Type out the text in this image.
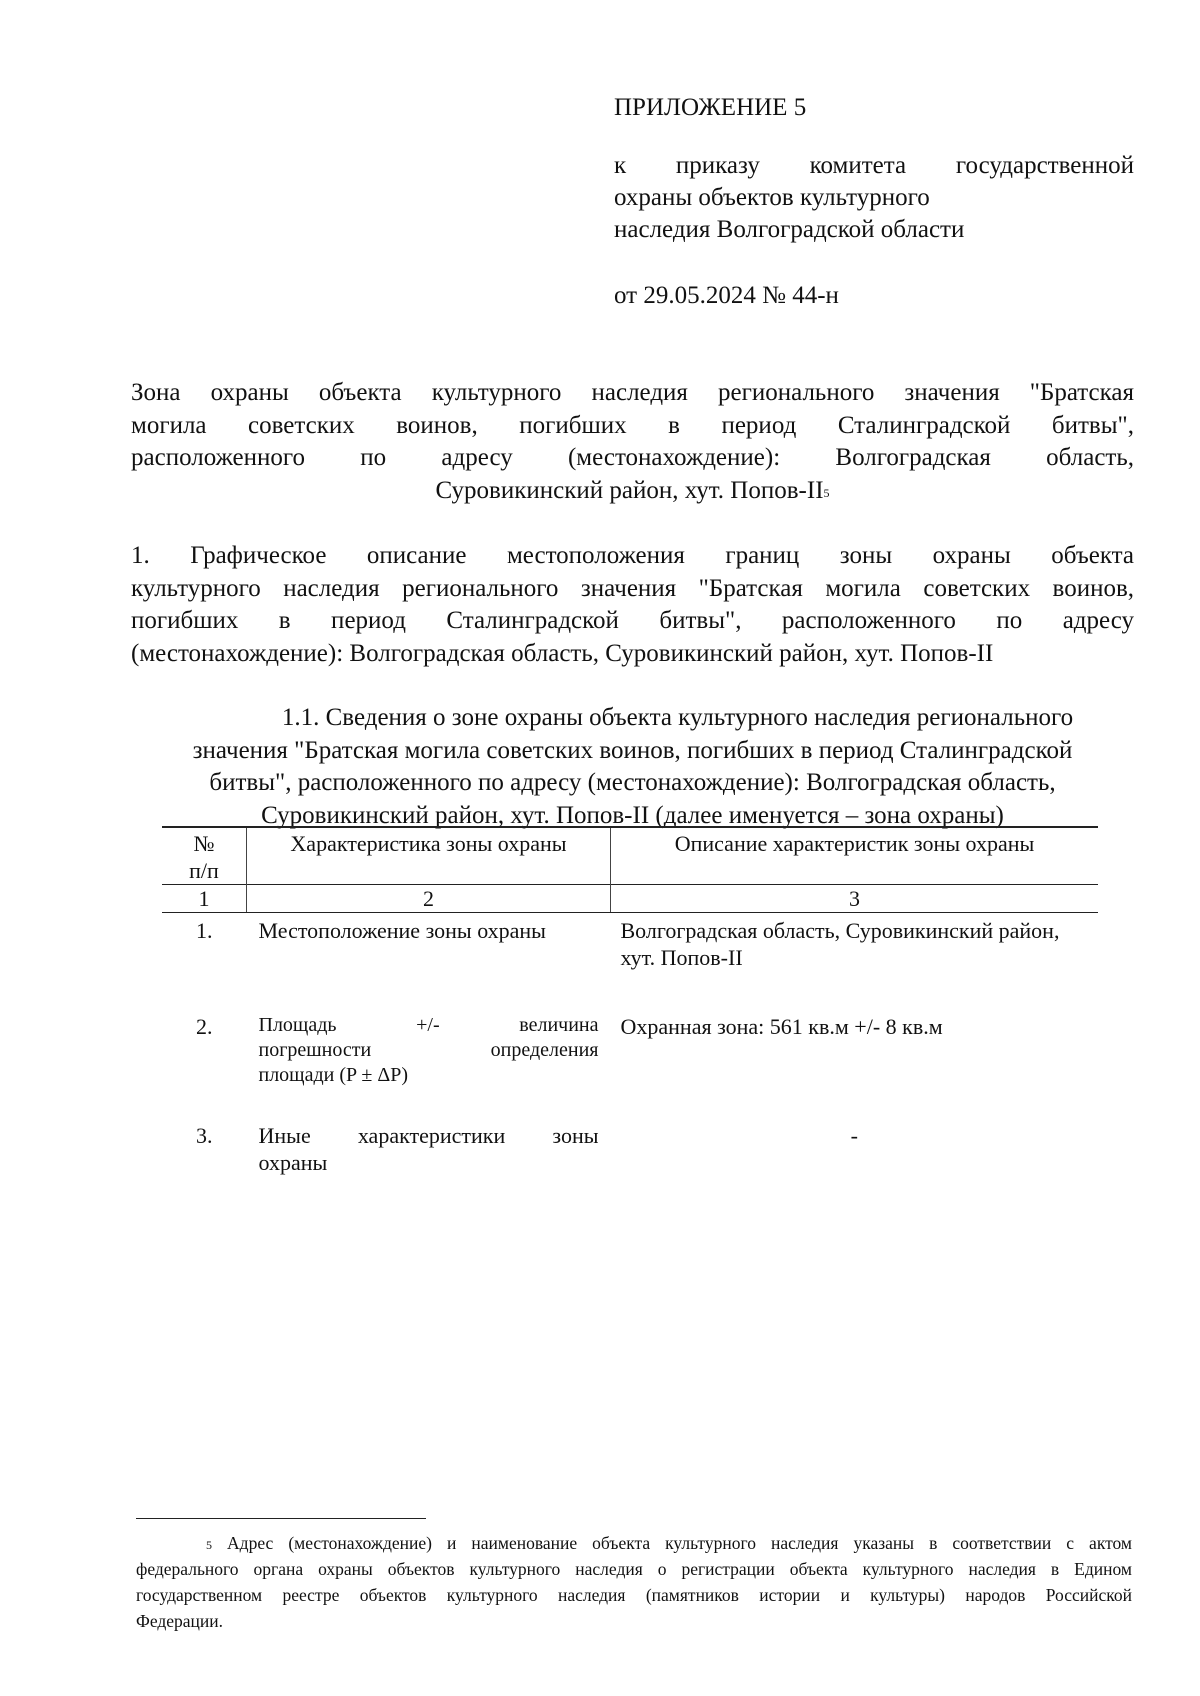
ПРИЛОЖЕНИЕ 5
к приказу комитета государственной
охраны объектов культурного
наследия Волгоградской области
от 29.05.2024 № 44-н
Зона охраны объекта культурного наследия регионального значения "Братская
могила советских воинов, погибших в период Сталинградской битвы",
расположенного по адресу (местонахождение): Волгоградская область,
Суровикинский район, хут. Попов-$II^5$
1. Графическое описание местоположения границ зоны охраны объекта
культурного наследия регионального значения "Братская могила советских воинов,
погибших в период Сталинградской битвы", расположенного по адресу
(местонахождение): Волгоградская область, Суровикинский район, хут. Попов-II
1.1. Сведения о зоне охраны объекта культурного наследия регионального
значения "Братская могила советских воинов, погибших в период Сталинградской
битвы", расположенного по адресу (местонахождение): Волгоградская область,
Суровикинский район, хут. Попов-II (далее именуется – зона охраны)
№
п/п	Характеристика зоны охраны	Описание характеристик зоны охраны
1	2	3
1.	Местоположение зоны охраны	Волгоградская область, Суровикинский район,
хут. Попов-II

2.	Площадь +/- величина
погрешности определения
площади (P ± ΔP)	Охранная зона: 561 кв.м +/- 8 кв.м
3.	Иные характеристики зоны
охраны	-
$^5$ Адрес (местонахождение) и наименование объекта культурного наследия указаны в соответствии с актом
федерального органа охраны объектов культурного наследия о регистрации объекта культурного наследия в Едином
государственном реестре объектов культурного наследия (памятников истории и культуры) народов Российской
Федерации.
